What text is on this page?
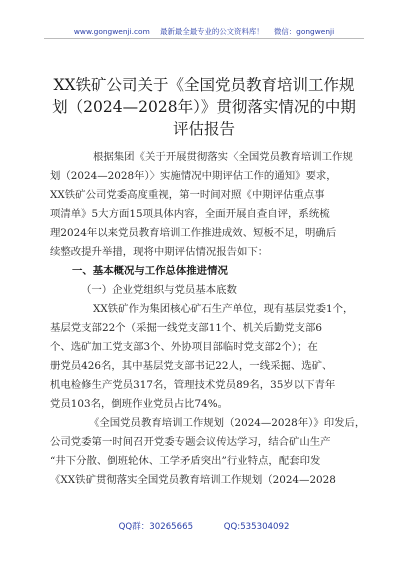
www.gongwenji.com 最新最全最专业的公文资料库！ 微信：gongwenji
XX铁矿公司关于《全国党员教育培训工作规
划（2024—2028年）》贯彻落实情况的中期
评估报告
根据集团《关于开展贯彻落实〈全国党员教育培训工作规
划（2024—2028年）〉实施情况中期评估工作的通知》要求，
XX铁矿公司党委高度重视，第一时间对照《中期评估重点事
项清单》5大方面15项具体内容，全面开展自查自评，系统梳
理2024年以来党员教育培训工作推进成效、短板不足，明确后
续整改提升举措，现将中期评估情况报告如下：
一、基本概况与工作总体推进情况
（一）企业党组织与党员基本底数
XX铁矿作为集团核心矿石生产单位，现有基层党委1个，
基层党支部22个（采掘一线党支部11个、机关后勤党支部6
个、选矿加工党支部3个、外协项目部临时党支部2个）；在
册党员426名，其中基层党支部书记22人，一线采掘、选矿、
机电检修生产党员317名，管理技术党员89名，35岁以下青年
党员103名，倒班作业党员占比74%。
《全国党员教育培训工作规划（2024—2028年）》印发后，
公司党委第一时间召开党委专题会议传达学习，结合矿山生产
“井下分散、倒班轮休、工学矛盾突出”行业特点，配套印发
《XX铁矿贯彻落实全国党员教育培训工作规划（2024—2028
QQ群：30265665	QQ:535304092
